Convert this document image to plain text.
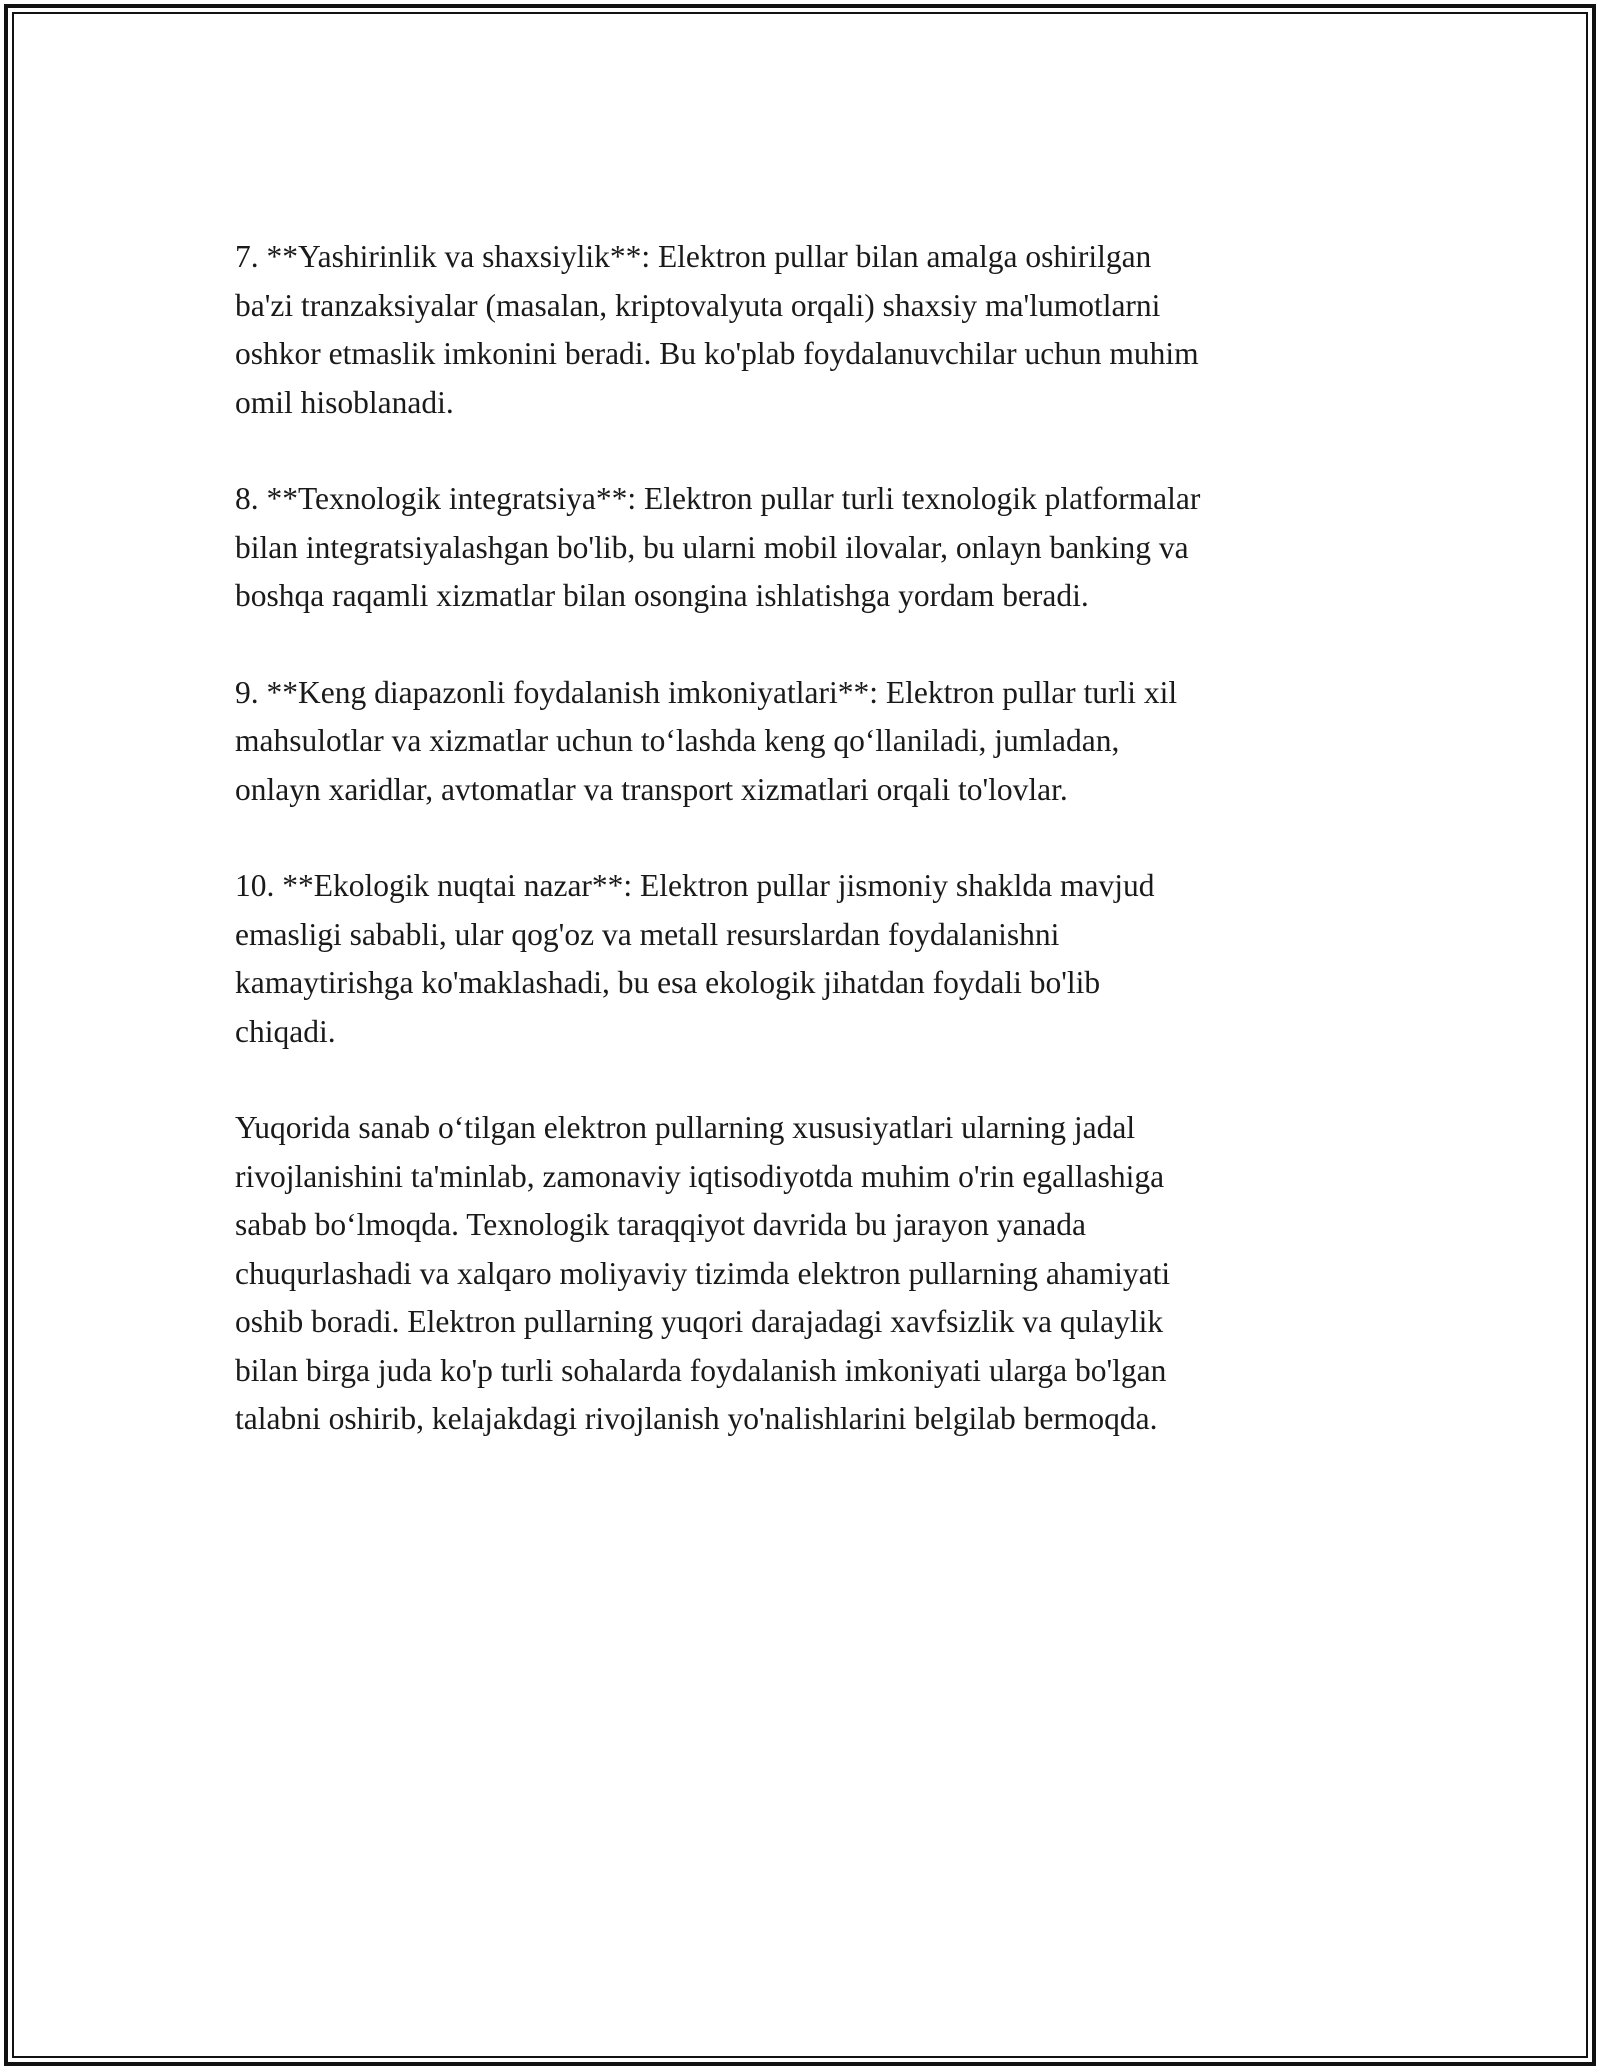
7. **Yashirinlik va shaxsiylik**: Elektron pullar bilan amalga oshirilgan
ba'zi tranzaksiyalar (masalan, kriptovalyuta orqali) shaxsiy ma'lumotlarni
oshkor etmaslik imkonini beradi. Bu ko'plab foydalanuvchilar uchun muhim
omil hisoblanadi.

8. **Texnologik integratsiya**: Elektron pullar turli texnologik platformalar
bilan integratsiyalashgan bo'lib, bu ularni mobil ilovalar, onlayn banking va
boshqa raqamli xizmatlar bilan osongina ishlatishga yordam beradi.

9. **Keng diapazonli foydalanish imkoniyatlari**: Elektron pullar turli xil
mahsulotlar va xizmatlar uchun to‘lashda keng qo‘llaniladi, jumladan,
onlayn xaridlar, avtomatlar va transport xizmatlari orqali to'lovlar.

10. **Ekologik nuqtai nazar**: Elektron pullar jismoniy shaklda mavjud
emasligi sababli, ular qog'oz va metall resurslardan foydalanishni
kamaytirishga ko'maklashadi, bu esa ekologik jihatdan foydali bo'lib
chiqadi.

Yuqorida sanab o‘tilgan elektron pullarning xususiyatlari ularning jadal
rivojlanishini ta'minlab, zamonaviy iqtisodiyotda muhim o'rin egallashiga
sabab bo‘lmoqda. Texnologik taraqqiyot davrida bu jarayon yanada
chuqurlashadi va xalqaro moliyaviy tizimda elektron pullarning ahamiyati
oshib boradi. Elektron pullarning yuqori darajadagi xavfsizlik va qulaylik
bilan birga juda ko'p turli sohalarda foydalanish imkoniyati ularga bo'lgan
talabni oshirib, kelajakdagi rivojlanish yo'nalishlarini belgilab bermoqda.
